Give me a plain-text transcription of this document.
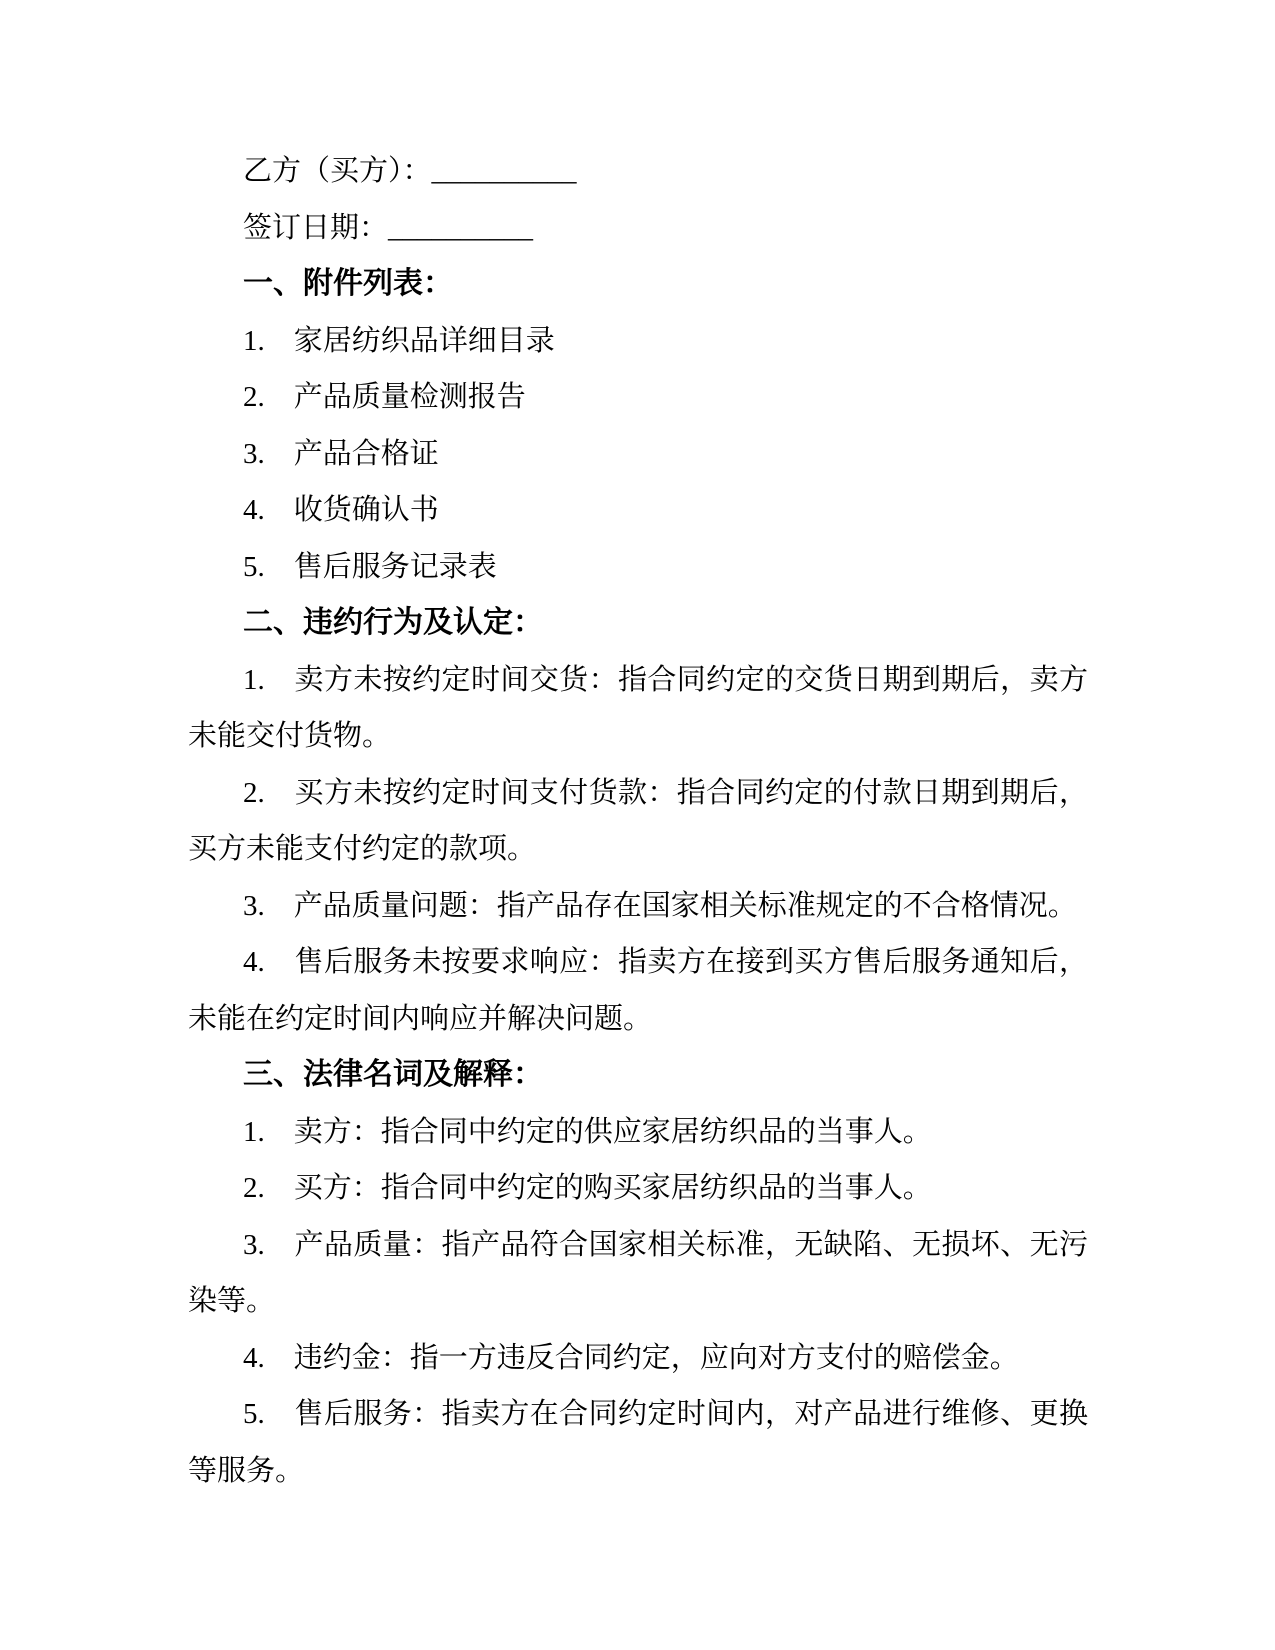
乙方（买方）：__________

签订日期：__________

一、附件列表：

1.　家居纺织品详细目录

2.　产品质量检测报告

3.　产品合格证

4.　收货确认书

5.　售后服务记录表

二、违约行为及认定：

1.　卖方未按约定时间交货：指合同约定的交货日期到期后，卖方未能交付货物。

2.　买方未按约定时间支付货款：指合同约定的付款日期到期后，买方未能支付约定的款项。

3.　产品质量问题：指产品存在国家相关标准规定的不合格情况。

4.　售后服务未按要求响应：指卖方在接到买方售后服务通知后，未能在约定时间内响应并解决问题。

三、法律名词及解释：

1.　卖方：指合同中约定的供应家居纺织品的当事人。

2.　买方：指合同中约定的购买家居纺织品的当事人。

3.　产品质量：指产品符合国家相关标准，无缺陷、无损坏、无污染等。

4.　违约金：指一方违反合同约定，应向对方支付的赔偿金。

5.　售后服务：指卖方在合同约定时间内，对产品进行维修、更换等服务。
